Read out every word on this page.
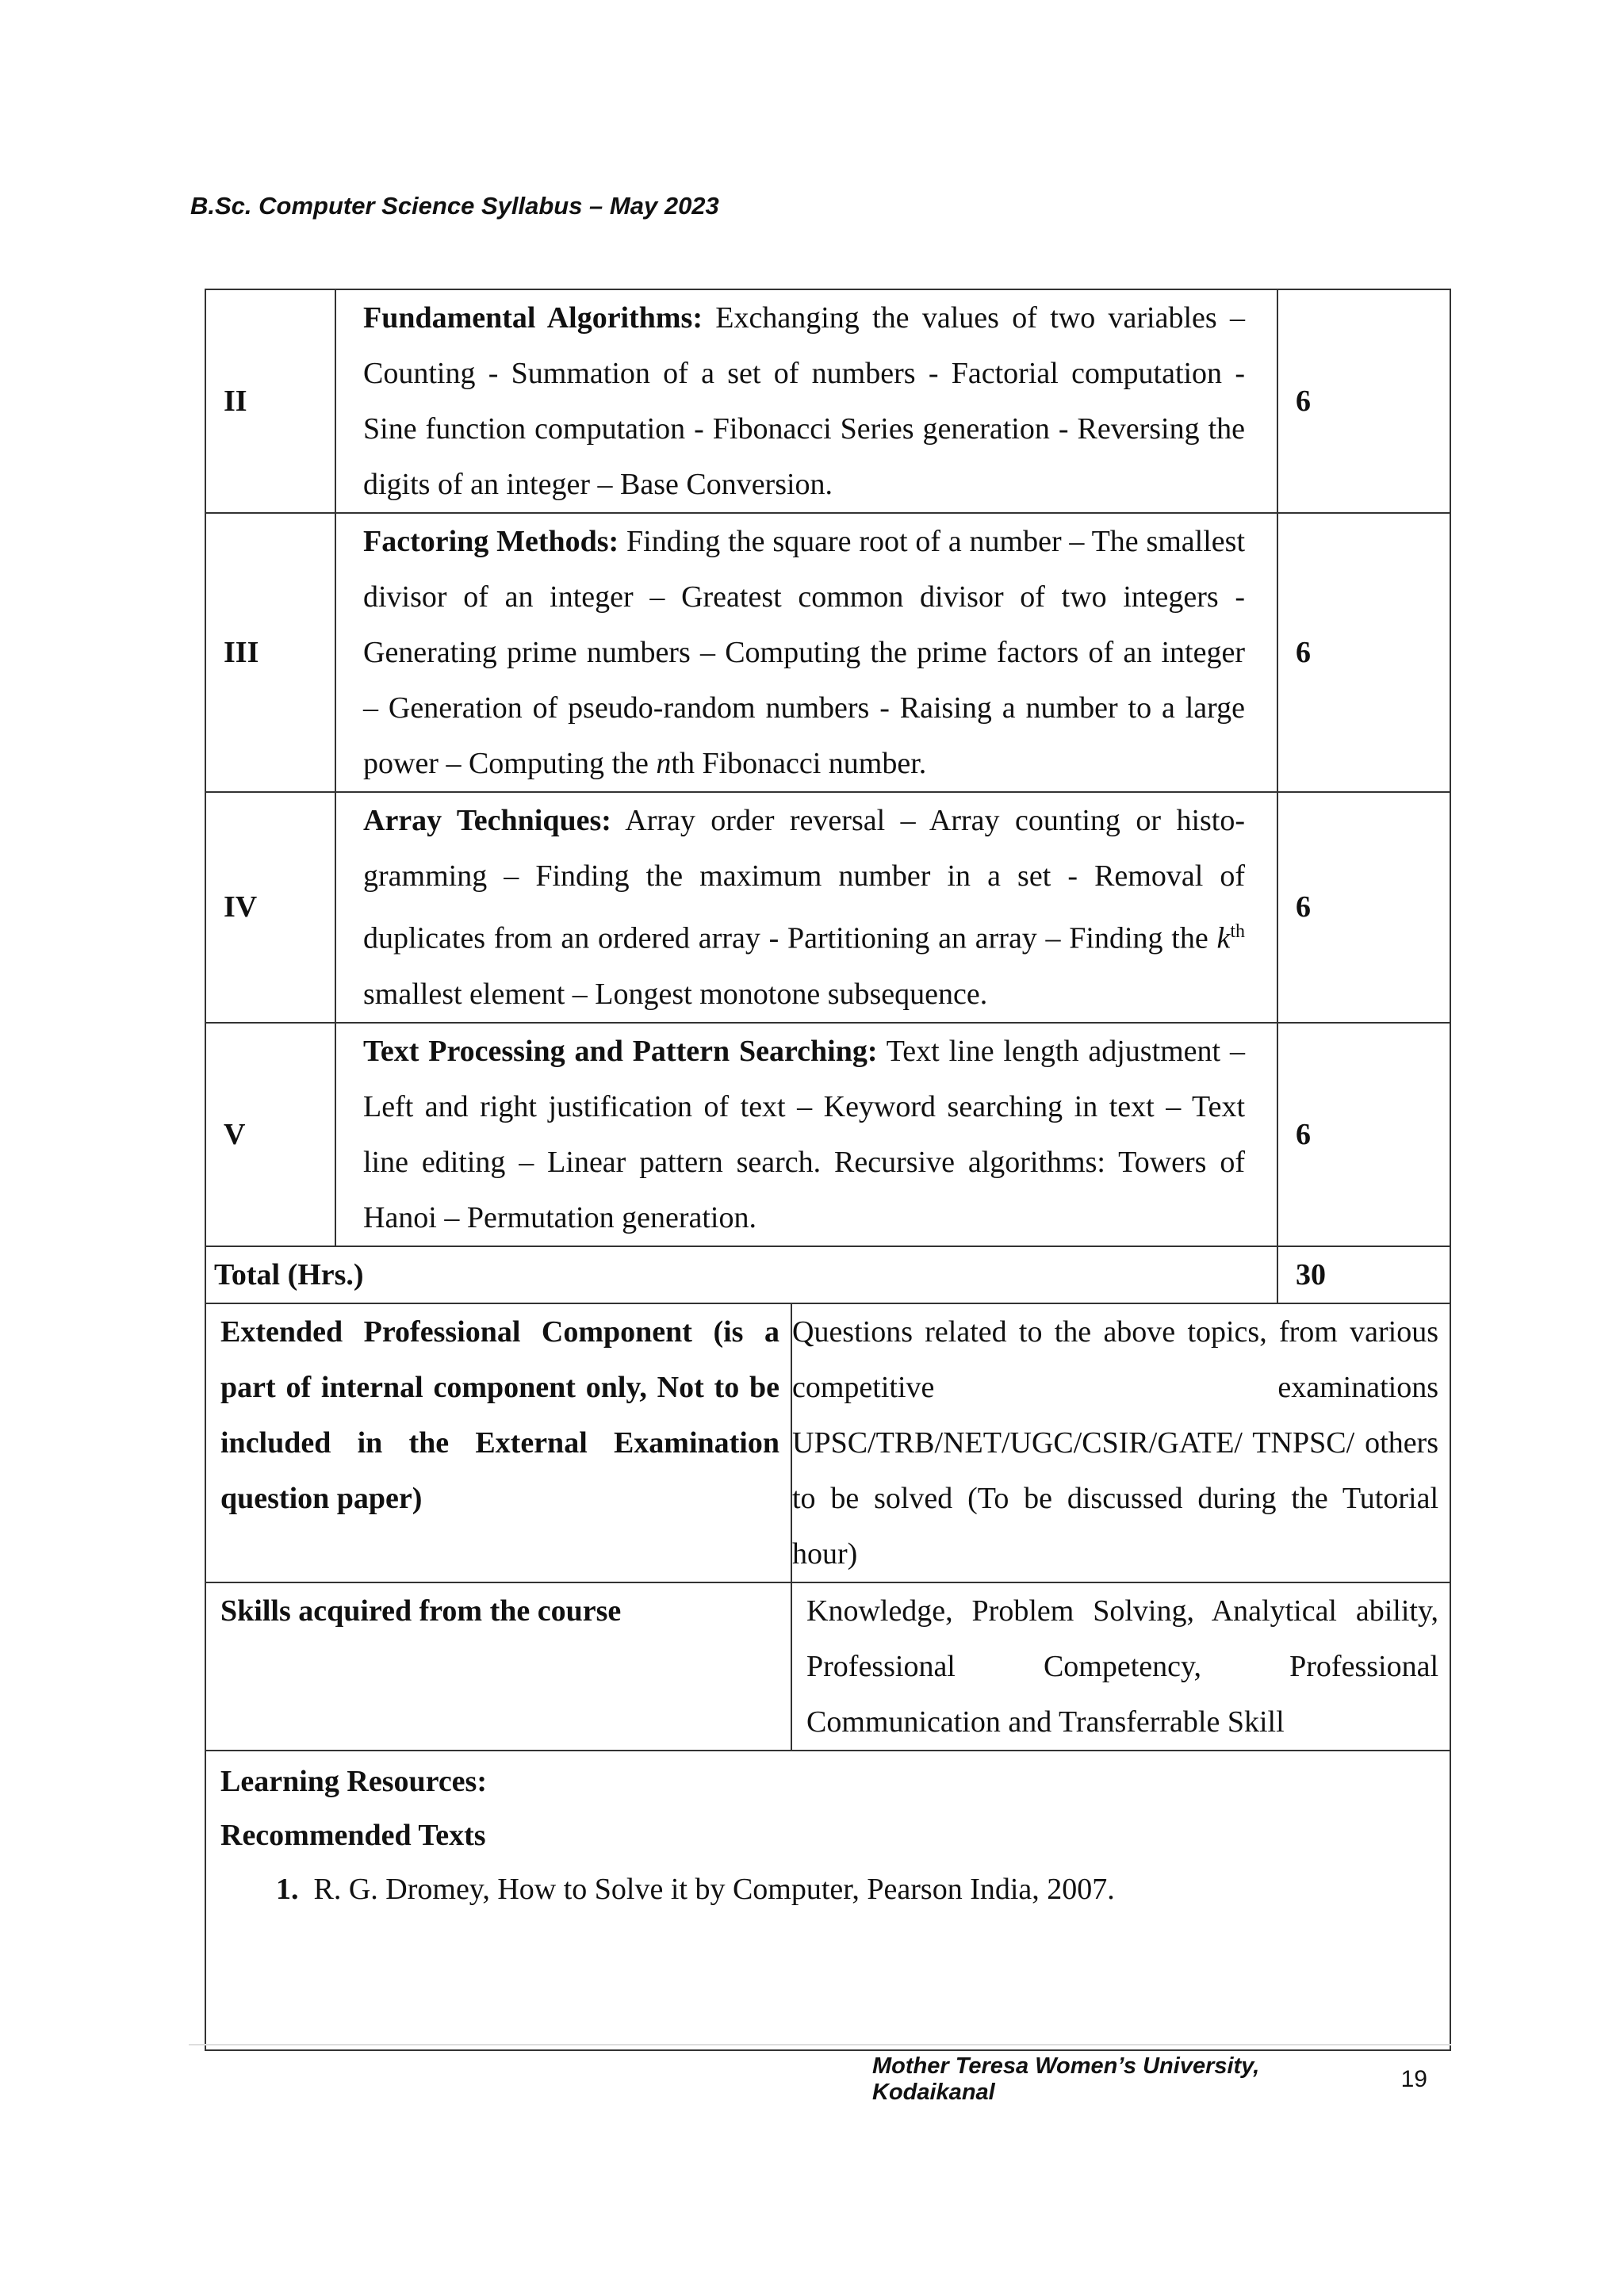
B.Sc. Computer Science Syllabus – May 2023
II	Fundamental Algorithms: Exchanging the values of two variables – Counting - Summation of a set of numbers - Factorial computation - Sine function computation - Fibonacci Series generation - Reversing the digits of an integer – Base Conversion.		6
III	Factoring Methods: Finding the square root of a number – The smallest divisor of an integer – Greatest common divisor of two integers - Generating prime numbers – Computing the prime factors of an integer – Generation of pseudo-random numbers - Raising a number to a large power – Computing the nth Fibonacci number.		6
IV	Array Techniques: Array order reversal – Array counting or histo-gramming – Finding the maximum number in a set - Removal of duplicates from an ordered array - Partitioning an array – Finding the $k^{th}$ smallest element – Longest monotone subsequence.		6
V	Text Processing and Pattern Searching: Text line length adjustment – Left and right justification of text – Keyword searching in text – Text line editing – Linear pattern search. Recursive algorithms: Towers of Hanoi – Permutation generation.		6
Total (Hrs.)			30
Extended Professional Component (is a part of internal component only, Not to be included in the External Examination question paper)		Questions related to the above topics, from various competitive examinations UPSC/TRB/NET/UGC/CSIR/GATE/ TNPSC/ others to be solved (To be discussed during the Tutorial hour)	
Skills acquired from the course		Knowledge, Problem Solving, Analytical ability, Professional Competency, Professional Communication and Transferrable Skill	

Learning Resources:
Recommended Texts
1. R. G. Dromey, How to Solve it by Computer, Pearson India, 2007.			
Mother Teresa Women’s University, Kodaikanal	19
